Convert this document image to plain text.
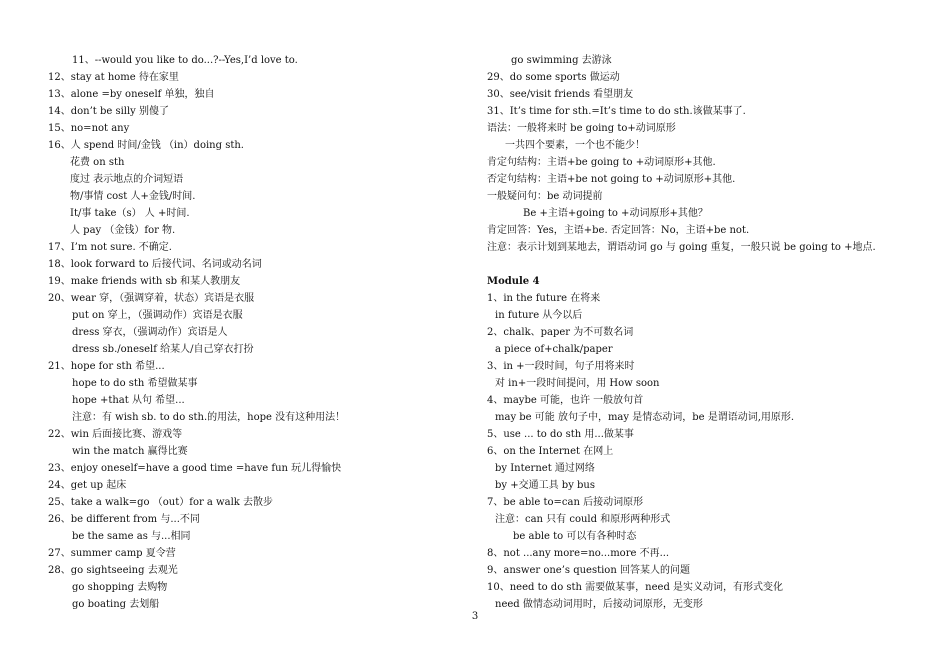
11、--would you like to do...?--Yes,I’d love to.
12、stay at home 待在家里
13、alone =by oneself 单独，独自
14、don’t be silly 别傻了
15、no=not any
16、人 spend 时间/金钱 （in）doing sth.
花费 on sth
度过 表示地点的介词短语
物/事情 cost 人+金钱/时间.
It/事 take（s） 人 +时间.
人 pay （金钱）for 物.
17、I’m not sure. 不确定.
18、look forward to 后接代词、名词或动名词
19、make friends with sb 和某人教朋友
20、wear 穿，（强调穿着，状态）宾语是衣服
put on 穿上，（强调动作）宾语是衣服
dress 穿衣，（强调动作）宾语是人
dress sb./oneself 给某人/自己穿衣打扮
21、hope for sth 希望...
hope to do sth 希望做某事
hope +that 从句 希望...
注意：有 wish sb. to do sth.的用法，hope 没有这种用法！
22、win 后面接比赛、游戏等
win the match 赢得比赛
23、enjoy oneself=have a good time =have fun 玩儿得愉快
24、get up 起床
25、take a walk=go （out）for a walk 去散步
26、be different from 与...不同
be the same as 与...相同
27、summer camp 夏令营
28、go sightseeing 去观光
go shopping 去购物
go boating 去划船
go swimming 去游泳
29、do some sports 做运动
30、see/visit friends 看望朋友
31、It’s time for sth.=It’s time to do sth.该做某事了.
语法：一般将来时 be going to+动词原形
一共四个要素，一个也不能少！
肯定句结构：主语+be going to +动词原形+其他.
否定句结构：主语+be not going to +动词原形+其他.
一般疑问句：be 动词提前
Be +主语+going to +动词原形+其他？
肯定回答：Yes，主语+be. 否定回答：No，主语+be not.
注意：表示计划到某地去，谓语动词 go 与 going 重复，一般只说 be going to +地点.
Module 4
1、in the future 在将来
in future 从今以后
2、chalk、paper 为不可数名词
a piece of+chalk/paper
3、in +一段时间，句子用将来时
对 in+一段时间提问，用 How soon
4、maybe 可能，也许 一般放句首
may be 可能 放句子中，may 是情态动词，be 是谓语动词,用原形.
5、use ... to do sth 用...做某事
6、on the Internet 在网上
by Internet 通过网络
by +交通工具 by bus
7、be able to=can 后接动词原形
注意：can 只有 could 和原形两种形式
be able to 可以有各种时态
8、not ...any more=no...more 不再...
9、answer one’s question 回答某人的问题
10、need to do sth 需要做某事，need 是实义动词，有形式变化
need 做情态动词用时，后接动词原形，无变形
3
